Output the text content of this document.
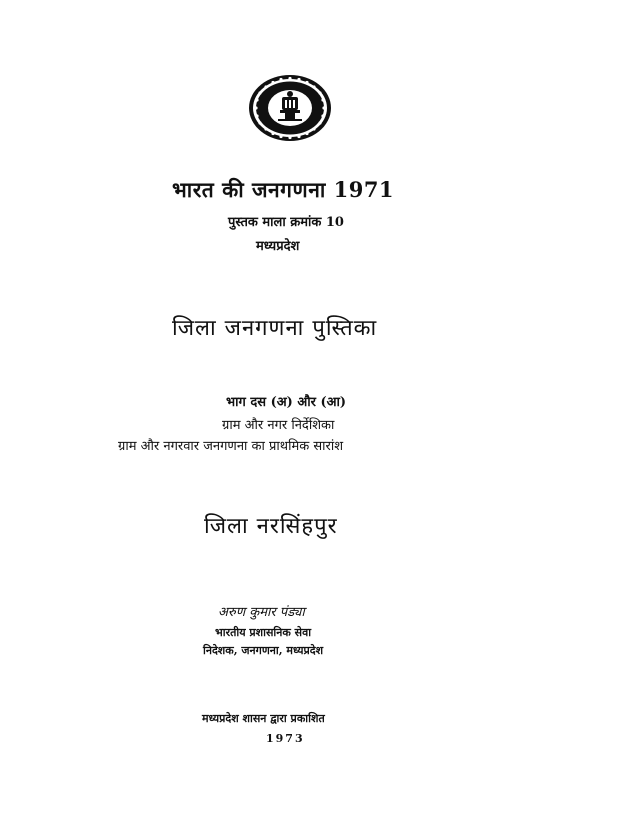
भारत की जनगणना 1971
पुस्तक माला क्रमांक 10
मध्यप्रदेश
जिला जनगणना पुस्तिका
भाग दस (अ) और (आ)
ग्राम और नगर निर्देशिका
ग्राम और नगरवार जनगणना का प्राथमिक सारांश
जिला नरसिंहपुर
अरुण कुमार पंड्या
भारतीय प्रशासनिक सेवा
निदेशक, जनगणना, मध्यप्रदेश
मध्यप्रदेश शासन द्वारा प्रकाशित
1973
